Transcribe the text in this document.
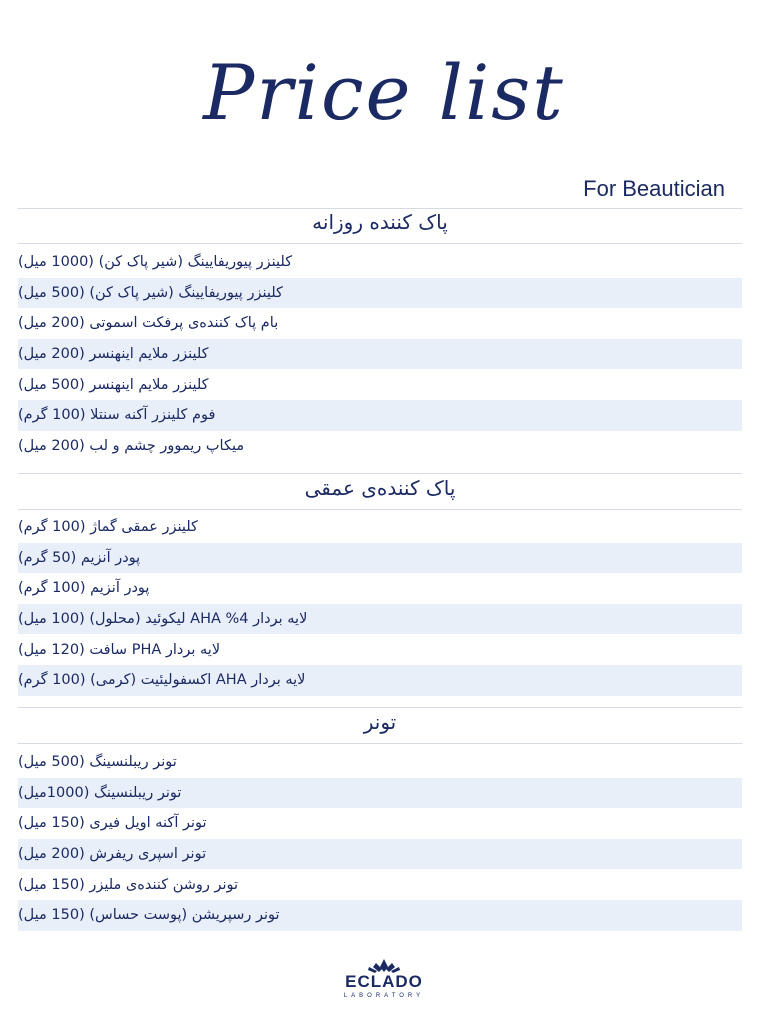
Price list
For Beautician
پاک کننده روزانه
کلینزر پیوریفایینگ (شیر پاک کن) (1000 میل)
کلینزر پیوریفایینگ (شیر پاک کن) (500 میل)
بام پاک کننده‌ی پرفکت اسموتی (200 میل)
کلینزر ملایم اینهنسر (200 میل)
کلینزر ملایم اینهنسر (500 میل)
فوم کلینزر آکنه سنتلا (100 گرم)
میکاپ ریموور چشم و لب (200 میل)
پاک کننده‌ی عمقی
کلینزر عمقی گماژ (100 گرم)
پودر آنزیم (50 گرم)
پودر آنزیم (100 گرم)
لایه بردار AHA %4 لیکوئید (محلول) (100 میل)
لایه بردار PHA سافت (120 میل)
لایه بردار AHA اکسفولیئیت (کرمی) (100 گرم)
تونر
تونر ریبلنسینگ (500 میل)
تونر ریبلنسینگ (1000میل)
تونر آکنه اویل فیری (150 میل)
تونر اسپری ریفرش (200 میل)
تونر روشن کننده‌ی ملیزر (150 میل)
تونر رسپریشن (پوست حساس) (150 میل)
ECLADO
LABORATORY
